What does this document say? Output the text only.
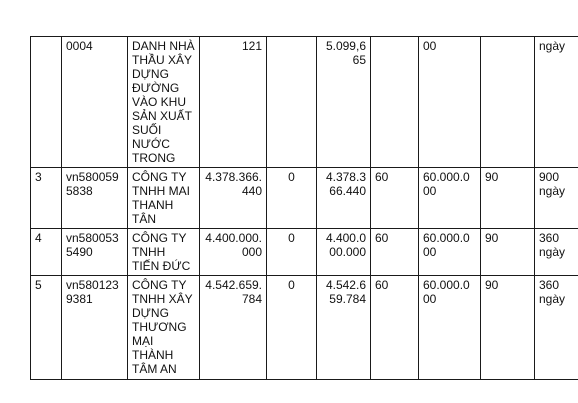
	0004	DANH NHÀ THẦU XÂY DỰNG ĐƯỜNG VÀO KHU SẢN XUẤT SUỐI NƯỚC TRONG	121		5.099,665		00		ngày
3	vn5800595838	CÔNG TY TNHH MAI THANH TÂN	4.378.366.440	0	4.378.366.440	60	60.000.000	90	900 ngày
4	vn5800535490	CÔNG TY TNHH TIẾN ĐỨC	4.400.000.000	0	4.400.000.000	60	60.000.000	90	360 ngày
5	vn5801239381	CÔNG TY TNHH XÂY DỰNG THƯƠNG MẠI THÀNH TÂM AN	4.542.659.784	0	4.542.659.784	60	60.000.000	90	360 ngày
